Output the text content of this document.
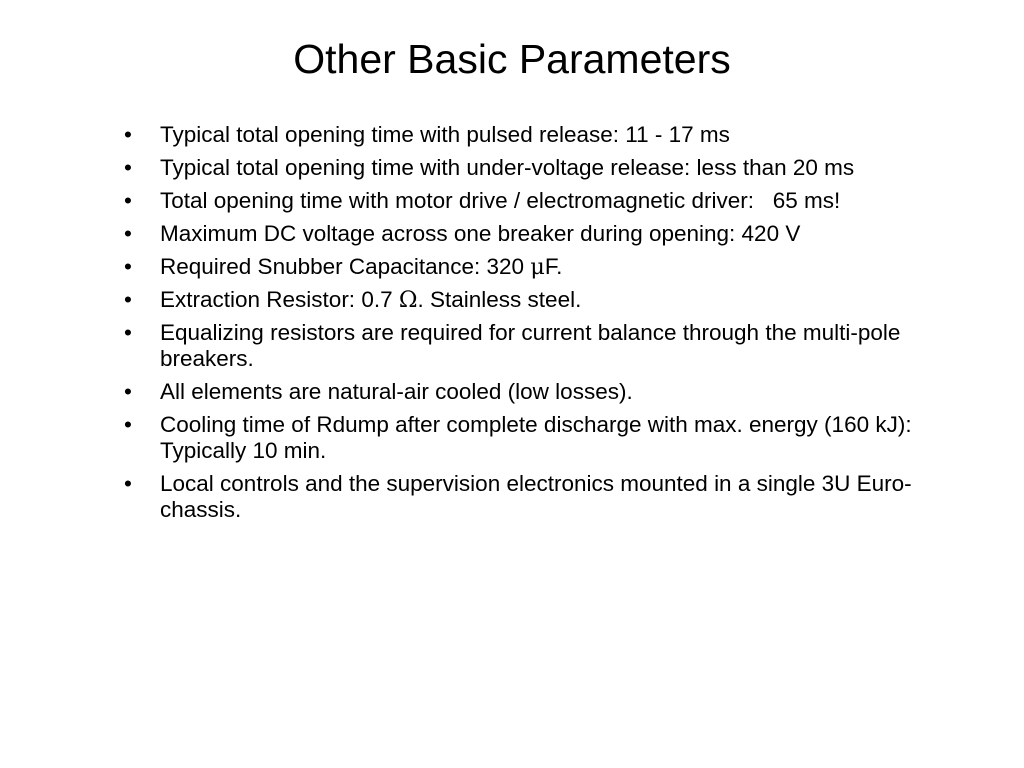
Other Basic Parameters
•	Typical total opening time with pulsed release: 11 - 17 ms
•	Typical total opening time with under-voltage release: less than 20 ms
•	Total opening time with motor drive / electromagnetic driver:   65 ms!
•	Maximum DC voltage across one breaker during opening: 420 V
•	Required Snubber Capacitance: 320 μF.
•	Extraction Resistor: 0.7 Ω. Stainless steel.
•	Equalizing resistors are required for current balance through the multi-pole breakers.
•	All elements are natural-air cooled (low losses).
•	Cooling time of Rdump after complete discharge with max. energy (160 kJ): Typically 10 min.
•	Local controls and the supervision electronics mounted in a single 3U Euro-chassis.
